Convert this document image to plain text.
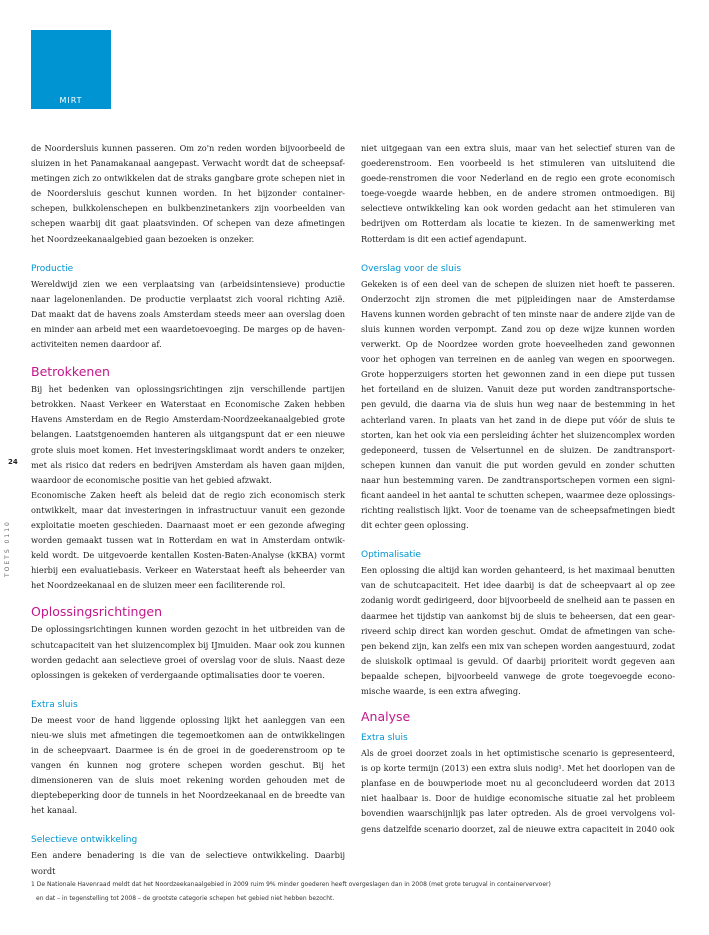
MIRT
24
TOETS 0110

de Noordersluis kunnen passeren. Om zo'n reden worden bijvoorbeeld de sluizen in het Panamakanaal aangepast. Verwacht wordt dat de scheepsaf-metingen zich zo ontwikkelen dat de straks gangbare grote schepen niet in de Noordersluis geschut kunnen worden. In het bijzonder container-schepen, bulkkolenschepen en bulkbenzinetankers zijn voorbeelden van schepen waarbij dit gaat plaatsvinden. Of schepen van deze afmetingen het Noordzeekanaalgebied gaan bezoeken is onzeker.

Productie

Wereldwijd zien we een verplaatsing van (arbeidsintensieve) productie naar lagelonenlanden. De productie verplaatst zich vooral richting Azië. Dat maakt dat de havens zoals Amsterdam steeds meer aan overslag doen en minder aan arbeid met een waardetoevoeging. De marges op de haven-activiteiten nemen daardoor af.

Betrokkenen

Bij het bedenken van oplossingsrichtingen zijn verschillende partijen betrokken. Naast Verkeer en Waterstaat en Economische Zaken hebben Havens Amsterdam en de Regio Amsterdam-Noordzeekanaalgebied grote belangen. Laatstgenoemden hanteren als uitgangspunt dat er een nieuwe grote sluis moet komen. Het investeringsklimaat wordt anders te onzeker, met als risico dat reders en bedrijven Amsterdam als haven gaan mijden, waardoor de economische positie van het gebied afzwakt.

Economische Zaken heeft als beleid dat de regio zich economisch sterk ontwikkelt, maar dat investeringen in infrastructuur vanuit een gezonde exploitatie moeten geschieden. Daarnaast moet er een gezonde afweging worden gemaakt tussen wat in Rotterdam en wat in Amsterdam ontwik-keld wordt. De uitgevoerde kentallen Kosten-Baten-Analyse (kKBA) vormt hierbij een evaluatiebasis. Verkeer en Waterstaat heeft als beheerder van het Noordzeekanaal en de sluizen meer een faciliterende rol.

Oplossingsrichtingen

De oplossingsrichtingen kunnen worden gezocht in het uitbreiden van de schutcapaciteit van het sluizencomplex bij IJmuiden. Maar ook zou kunnen worden gedacht aan selectieve groei of overslag voor de sluis. Naast deze oplossingen is gekeken of verdergaande optimalisaties door te voeren.

Extra sluis

De meest voor de hand liggende oplossing lijkt het aanleggen van een nieu-we sluis met afmetingen die tegemoetkomen aan de ontwikkelingen in de scheepvaart. Daarmee is én de groei in de goederenstroom op te vangen én kunnen nog grotere schepen worden geschut. Bij het dimensioneren van de sluis moet rekening worden gehouden met de dieptebeperking door de tunnels in het Noordzeekanaal en de breedte van het kanaal.

Selectieve ontwikkeling

Een andere benadering is die van de selectieve ontwikkeling. Daarbij wordt

niet uitgegaan van een extra sluis, maar van het selectief sturen van de goederenstroom. Een voorbeeld is het stimuleren van uitsluitend die goede-renstromen die voor Nederland en de regio een grote economisch toege-voegde waarde hebben, en de andere stromen ontmoedigen. Bij selectieve ontwikkeling kan ook worden gedacht aan het stimuleren van bedrijven om Rotterdam als locatie te kiezen. In de samenwerking met Rotterdam is dit een actief agendapunt.

Overslag voor de sluis

Gekeken is of een deel van de schepen de sluizen niet hoeft te passeren. Onderzocht zijn stromen die met pijpleidingen naar de Amsterdamse Havens kunnen worden gebracht of ten minste naar de andere zijde van de sluis kunnen worden verpompt. Zand zou op deze wijze kunnen worden verwerkt. Op de Noordzee worden grote hoeveelheden zand gewonnen voor het ophogen van terreinen en de aanleg van wegen en spoorwegen. Grote hopperzuigers storten het gewonnen zand in een diepe put tussen het forteiland en de sluizen. Vanuit deze put worden zandtransportsche-pen gevuld, die daarna via de sluis hun weg naar de bestemming in het achterland varen. In plaats van het zand in de diepe put vóór de sluis te storten, kan het ook via een persleiding áchter het sluizencomplex worden gedeponeerd, tussen de Velsertunnel en de sluizen. De zandtransport-schepen kunnen dan vanuit die put worden gevuld en zonder schutten naar hun bestemming varen. De zandtransportschepen vormen een signi-ficant aandeel in het aantal te schutten schepen, waarmee deze oplossings-richting realistisch lijkt. Voor de toename van de scheepsafmetingen biedt dit echter geen oplossing.

Optimalisatie

Een oplossing die altijd kan worden gehanteerd, is het maximaal benutten van de schutcapaciteit. Het idee daarbij is dat de scheepvaart al op zee zodanig wordt gedirigeerd, door bijvoorbeeld de snelheid aan te passen en daarmee het tijdstip van aankomst bij de sluis te beheersen, dat een gear-riveerd schip direct kan worden geschut. Omdat de afmetingen van sche-pen bekend zijn, kan zelfs een mix van schepen worden aangestuurd, zodat de sluiskolk optimaal is gevuld. Of daarbij prioriteit wordt gegeven aan bepaalde schepen, bijvoorbeeld vanwege de grote toegevoegde econo-mische waarde, is een extra afweging.

Analyse
Extra sluis

Als de groei doorzet zoals in het optimistische scenario is gepresenteerd, is op korte termijn (2013) een extra sluis nodig¹. Met het doorlopen van de planfase en de bouwperiode moet nu al geconcludeerd worden dat 2013 niet haalbaar is. Door de huidige economische situatie zal het probleem bovendien waarschijnlijk pas later optreden. Als de groei vervolgens vol-gens datzelfde scenario doorzet, zal de nieuwe extra capaciteit in 2040 ook

1 De Nationale Havenraad meldt dat het Noordzeekanaalgebied in 2009 ruim 9% minder goederen heeft overgeslagen dan in 2008 (met grote terugval in containervervoer)
en dat – in tegenstelling tot 2008 – de grootste categorie schepen het gebied niet hebben bezocht.
